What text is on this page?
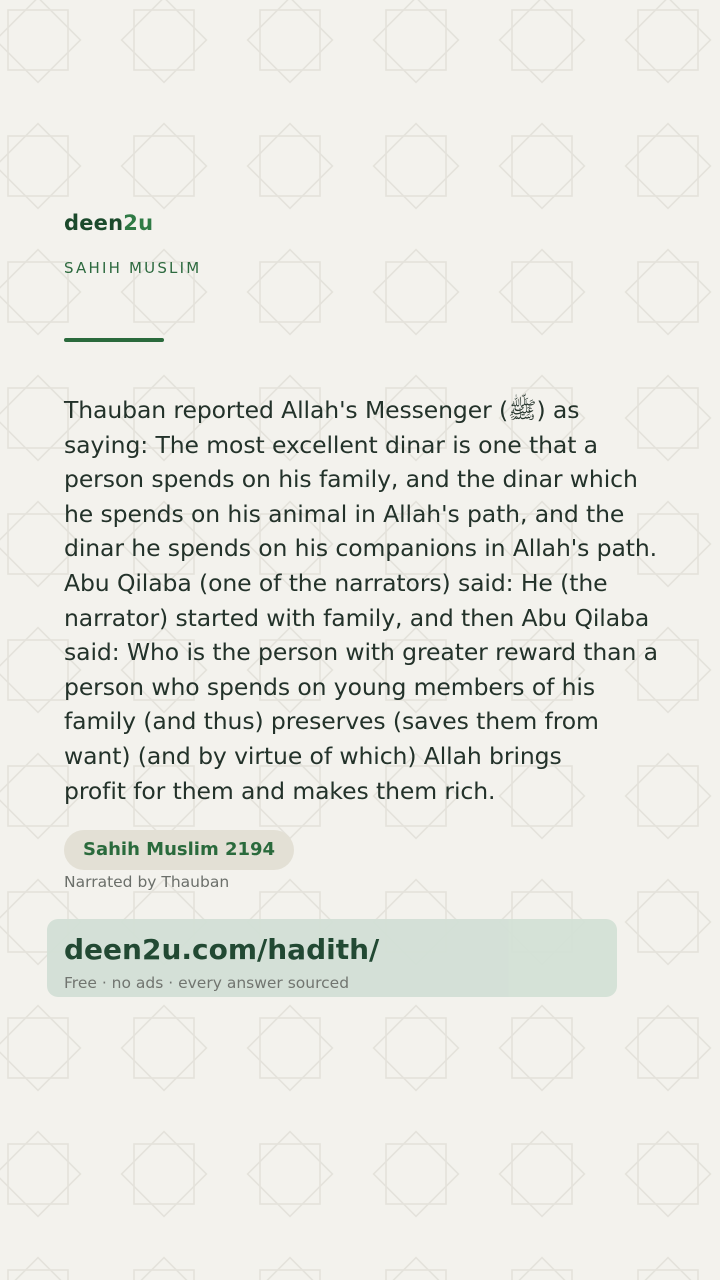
deen2u
SAHIH MUSLIM
Thauban reported Allah's Messenger (ﷺ) as
saying: The most excellent dinar is one that a
person spends on his family, and the dinar which
he spends on his animal in Allah's path, and the
dinar he spends on his companions in Allah's path.
Abu Qilaba (one of the narrators) said: He (the
narrator) started with family, and then Abu Qilaba
said: Who is the person with greater reward than a
person who spends on young members of his
family (and thus) preserves (saves them from
want) (and by virtue of which) Allah brings
profit for them and makes them rich.
Sahih Muslim 2194
Narrated by Thauban
deen2u.com/hadith/
Free · no ads · every answer sourced
